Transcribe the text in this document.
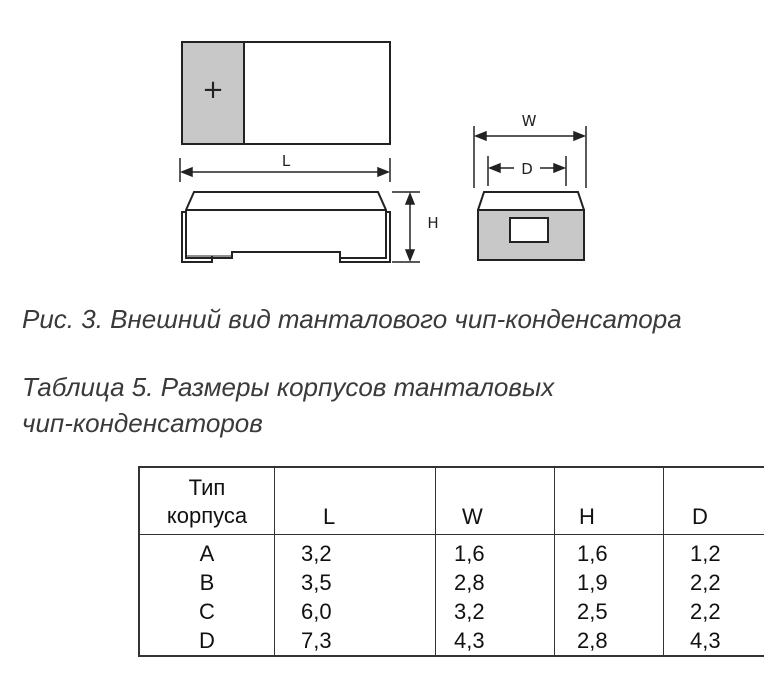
+
L
H
W
D
Рис. 3. Внешний вид танталового чип-конденсатора
Таблица 5. Размеры корпусов танталовых
чип-конденсаторов
Тип
корпуса	L	W	H	D
A	3,2	1,6	1,6	1,2
B	3,5	2,8	1,9	2,2
C	6,0	3,2	2,5	2,2
D	7,3	4,3	2,8	4,3
